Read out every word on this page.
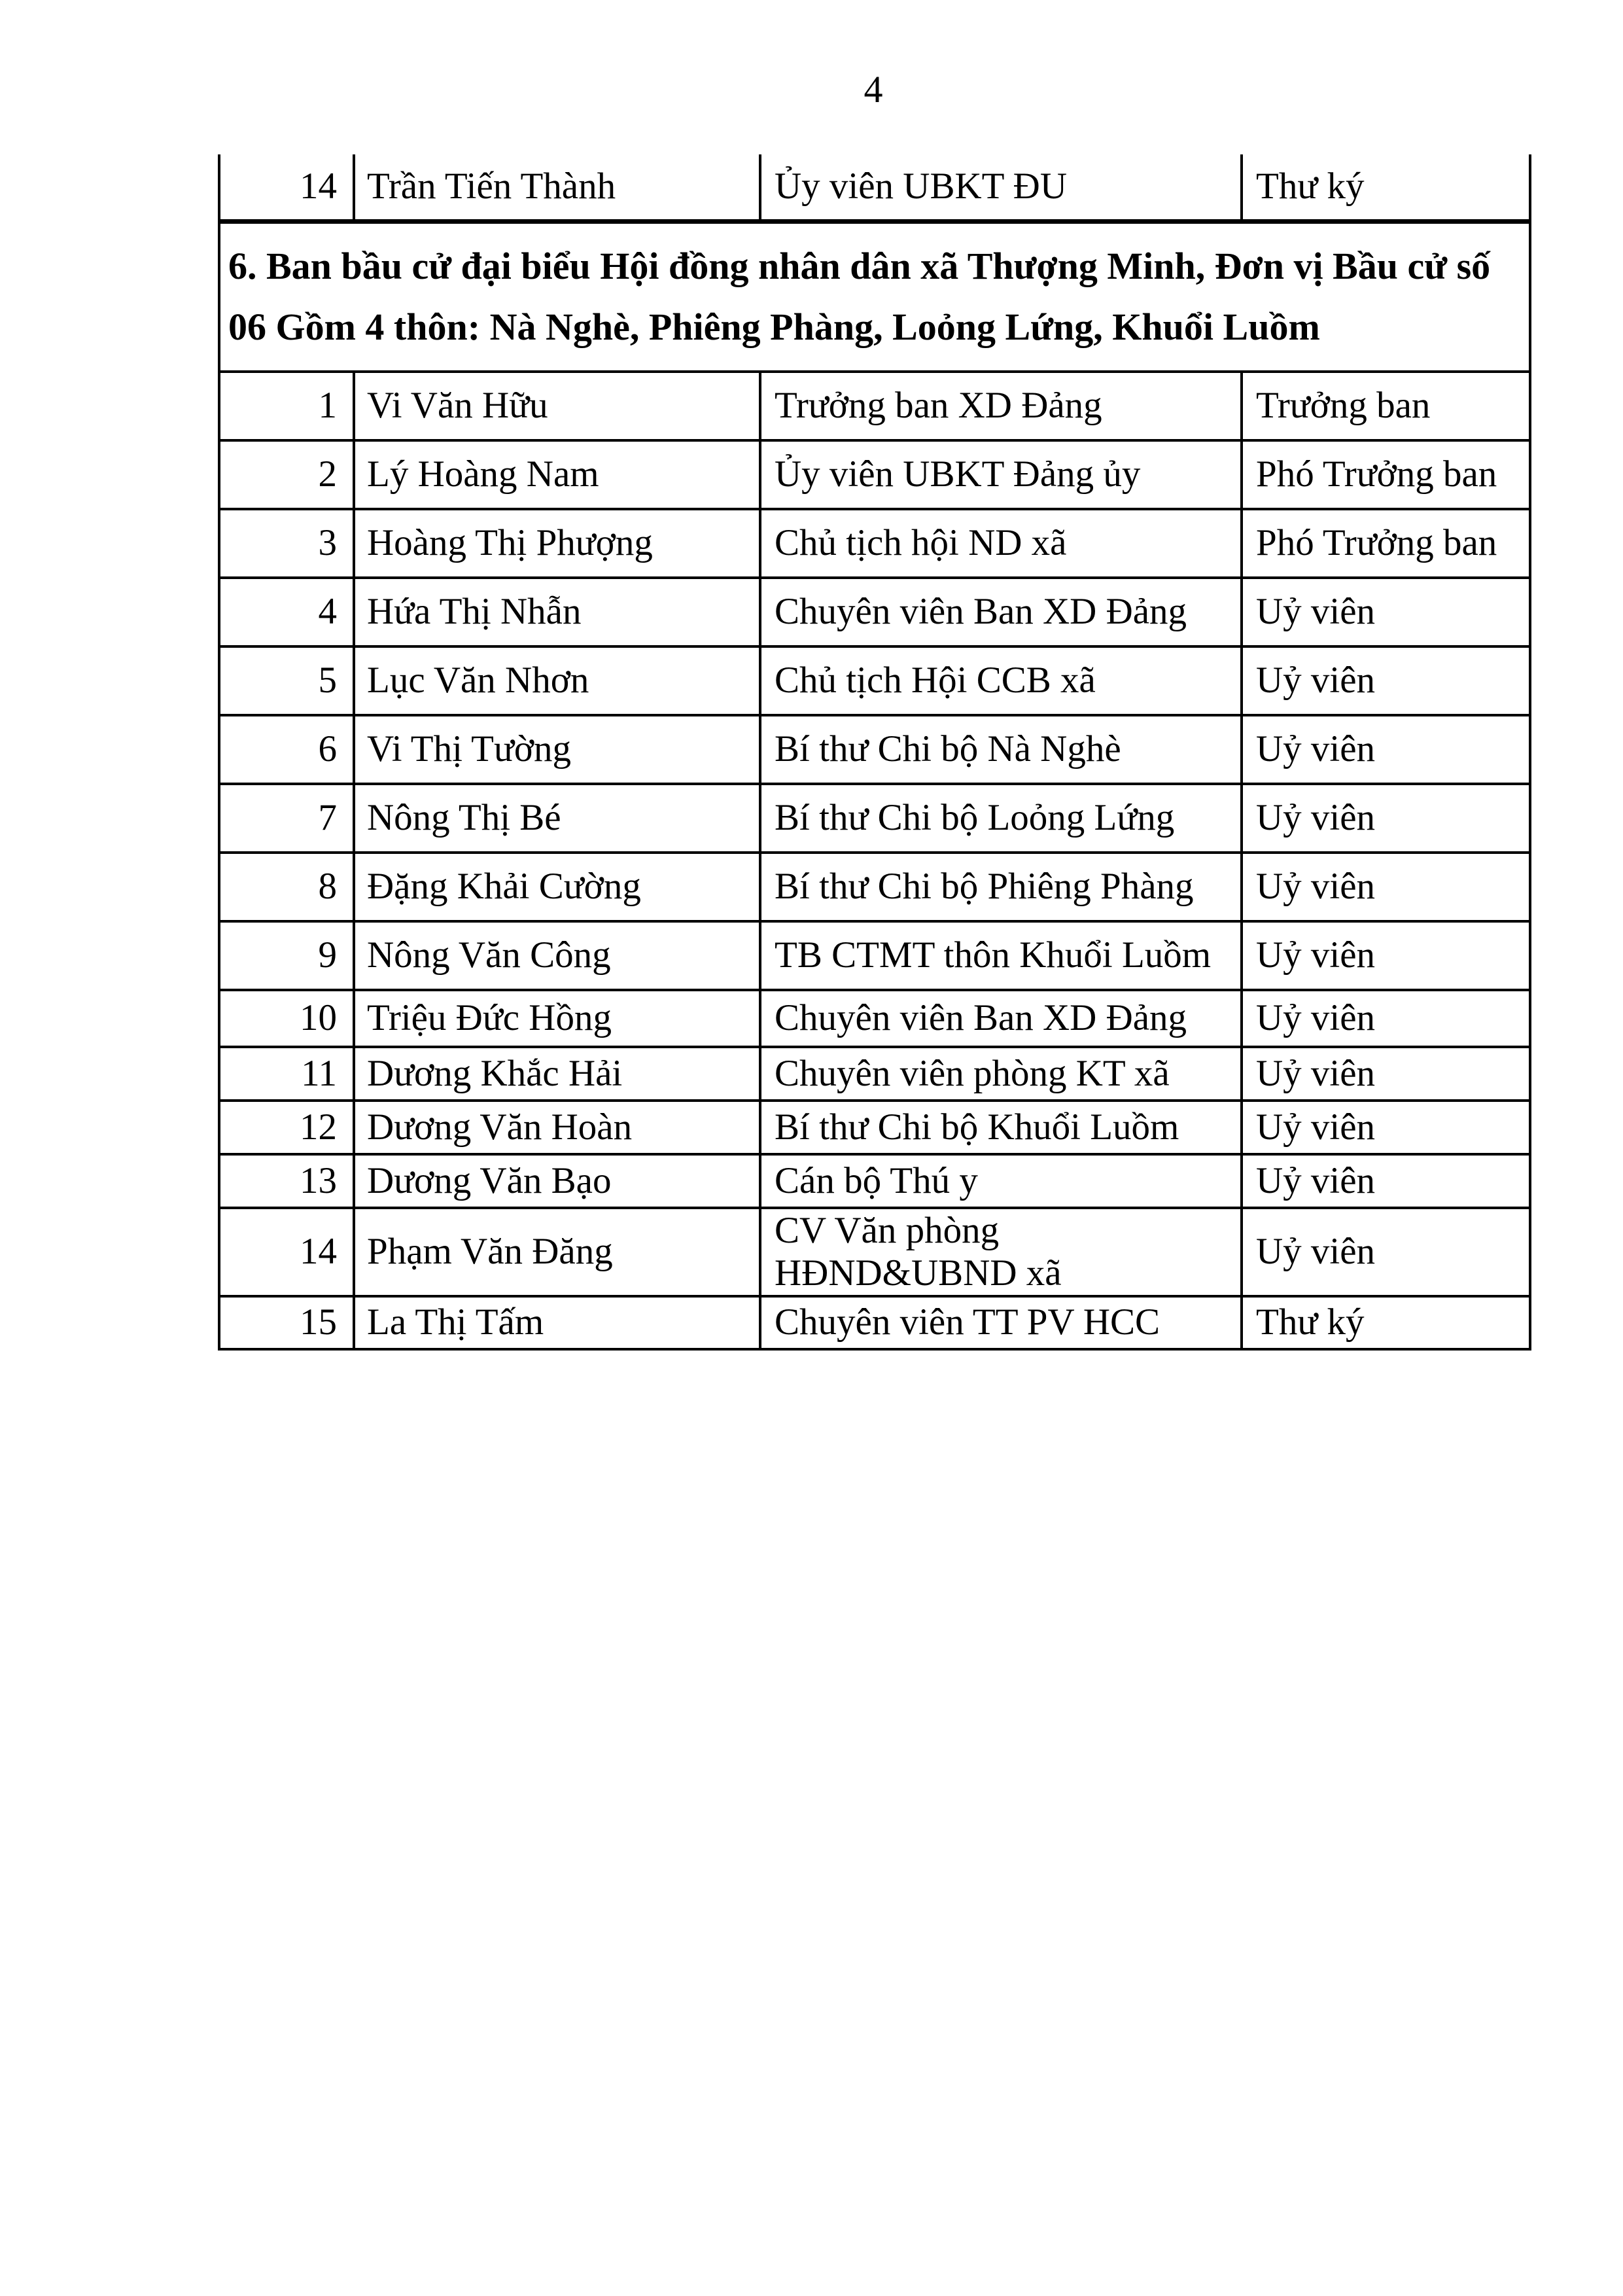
4
14	Trần Tiến Thành	Ủy viên UBKT ĐU	Thư ký
6. Ban bầu cử đại biểu Hội đồng nhân dân xã Thượng Minh, Đơn vị Bầu cử số
06 Gồm 4 thôn: Nà Nghè, Phiêng Phàng, Loỏng Lứng, Khuổi Luồm			

1	Vi Văn Hữu	Trưởng ban XD Đảng	Trưởng ban
2	Lý Hoàng Nam	Ủy viên UBKT Đảng ủy	Phó Trưởng ban
3	Hoàng Thị Phượng	Chủ tịch hội ND xã	Phó Trưởng ban
4	Hứa Thị Nhẫn	Chuyên viên Ban XD Đảng	Uỷ viên
5	Lục Văn Nhơn	Chủ tịch Hội CCB xã	Uỷ viên
6	Vi Thị Tường	Bí thư Chi bộ Nà Nghè	Uỷ viên
7	Nông Thị Bé	Bí thư Chi bộ Loỏng Lứng	Uỷ viên
8	Đặng Khải Cường	Bí thư Chi bộ Phiêng Phàng	Uỷ viên
9	Nông Văn Công	TB CTMT thôn Khuổi Luồm	Uỷ viên
10	Triệu Đức Hồng	Chuyên viên Ban XD Đảng	Uỷ viên
11	Dương Khắc Hải	Chuyên viên phòng KT xã	Uỷ viên
12	Dương Văn Hoàn	Bí thư Chi bộ Khuổi Luồm	Uỷ viên
13	Dương Văn Bạo	Cán bộ Thú y	Uỷ viên
14	Phạm Văn Đăng	CV Văn phòng HĐND&UBND xã	Uỷ viên
15	La Thị Tấm	Chuyên viên TT PV HCC	Thư ký
